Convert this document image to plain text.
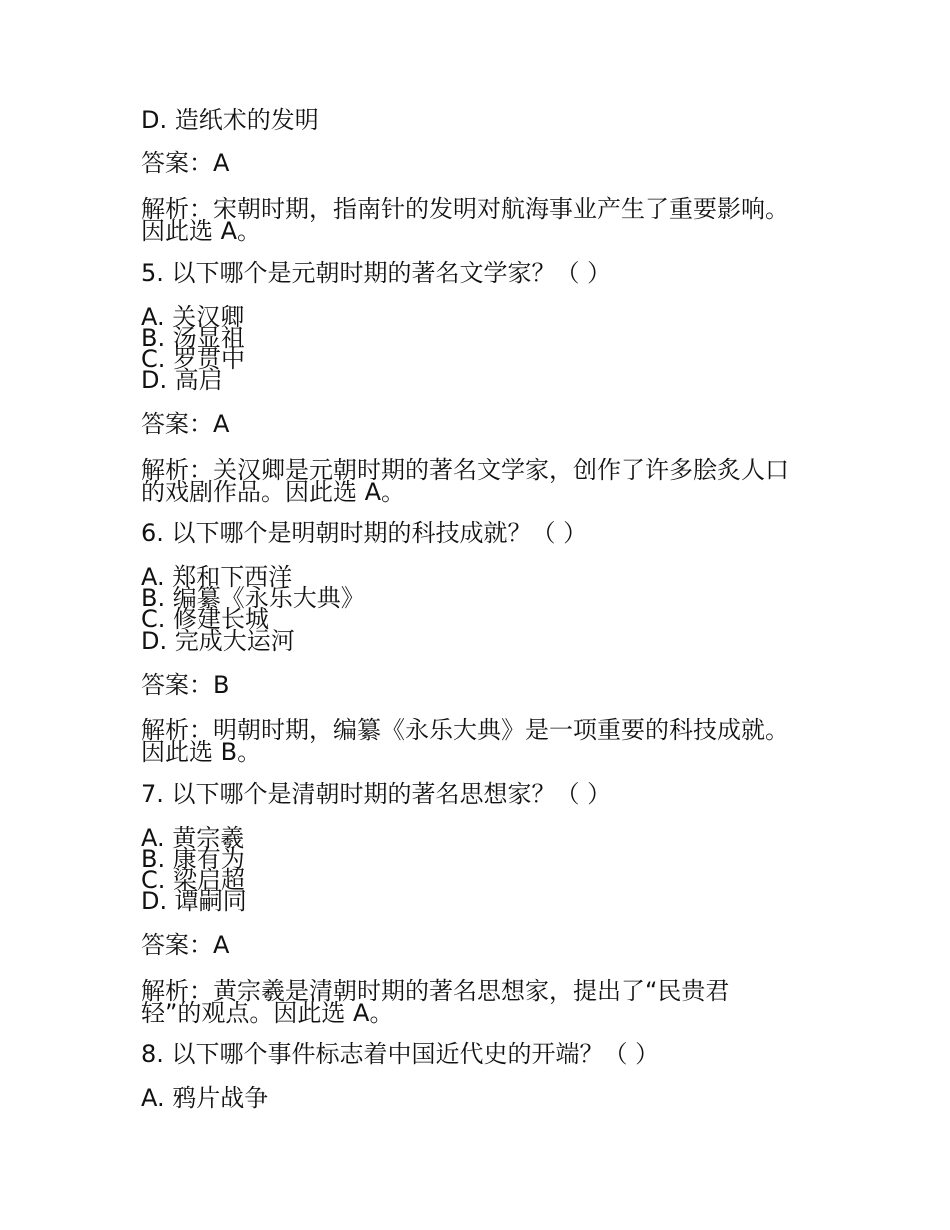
D. 造纸术的发明

答案：A

解析：宋朝时期，指南针的发明对航海事业产生了重要影响。

因此选 A。

5. 以下哪个是元朝时期的著名文学家？（ ）

A. 关汉卿

B. 汤显祖

C. 罗贯中

D. 高启

答案：A

解析：关汉卿是元朝时期的著名文学家，创作了许多脍炙人口

的戏剧作品。因此选 A。

6. 以下哪个是明朝时期的科技成就？（ ）

A. 郑和下西洋

B. 编纂《永乐大典》

C. 修建长城

D. 完成大运河

答案：B

解析：明朝时期，编纂《永乐大典》是一项重要的科技成就。

因此选 B。

7. 以下哪个是清朝时期的著名思想家？（ ）

A. 黄宗羲

B. 康有为

C. 梁启超

D. 谭嗣同

答案：A

解析：黄宗羲是清朝时期的著名思想家，提出了“民贵君

轻”的观点。因此选 A。

8. 以下哪个事件标志着中国近代史的开端？（ ）

A. 鸦片战争
